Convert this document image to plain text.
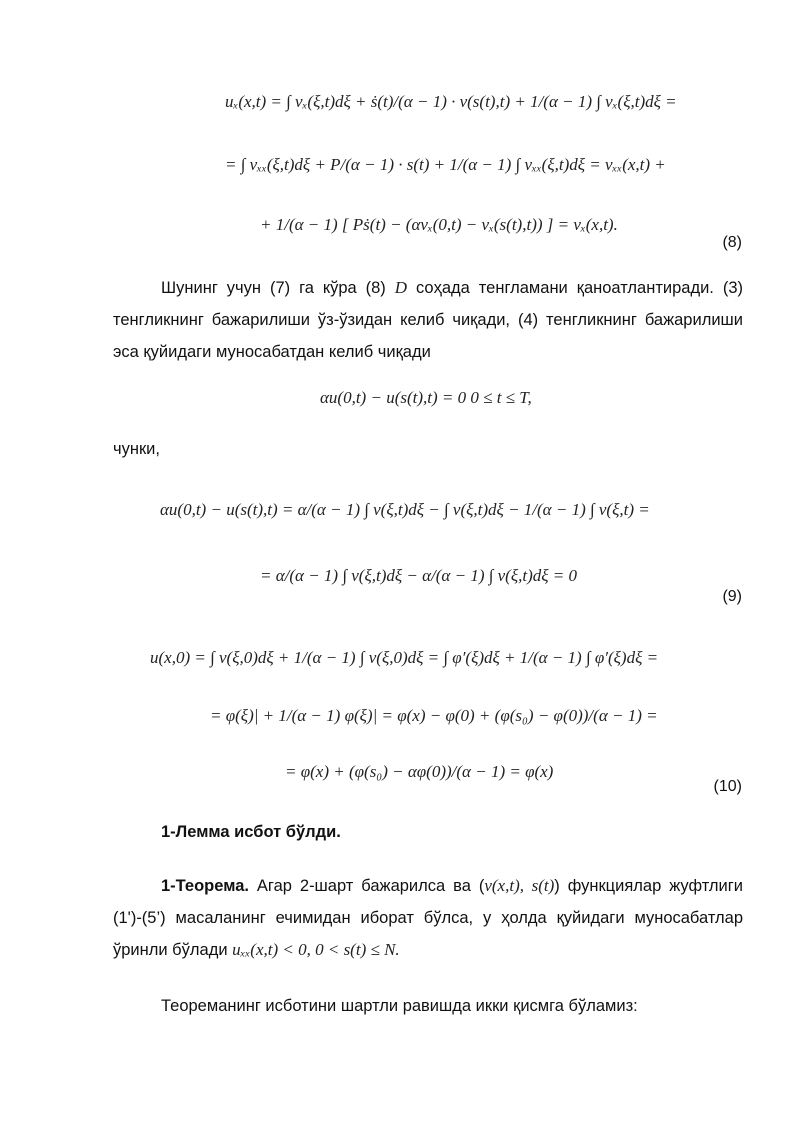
uₓ(x,t) = ∫ vₓ(ξ,t)dξ + ṡ(t)/(α − 1) · v(s(t),t) + 1/(α − 1) ∫ vₓ(ξ,t)dξ =
= ∫ vₓₓ(ξ,t)dξ + P/(α − 1) · s(t) + 1/(α − 1) ∫ vₓₓ(ξ,t)dξ = vₓₓ(x,t) +
+ 1/(α − 1) [ Pṡ(t) − (αvₓ(0,t) − vₓ(s(t),t)) ] = vₓ(x,t).
(8)
Шунинг учун (7) га кўра (8) D соҳада тенгламани қаноатлантиради. (3) тенгликнинг бажарилиши ўз-ўзидан келиб чиқади, (4) тенгликнинг бажарилиши эса қуйидаги муносабатдан келиб чиқади
αu(0,t) − u(s(t),t) = 0 0 ≤ t ≤ T,
чунки,
αu(0,t) − u(s(t),t) = α/(α − 1) ∫ v(ξ,t)dξ − ∫ v(ξ,t)dξ − 1/(α − 1) ∫ v(ξ,t) =
= α/(α − 1) ∫ v(ξ,t)dξ − α/(α − 1) ∫ v(ξ,t)dξ = 0
(9)
u(x,0) = ∫ v(ξ,0)dξ + 1/(α − 1) ∫ v(ξ,0)dξ = ∫ φ′(ξ)dξ + 1/(α − 1) ∫ φ′(ξ)dξ =
= φ(ξ)| + 1/(α − 1) φ(ξ)| = φ(x) − φ(0) + (φ(s₀) − φ(0))/(α − 1) =
= φ(x) + (φ(s₀) − αφ(0))/(α − 1) = φ(x)
(10)
1-Лемма исбот бўлди.
1-Теорема. Агар 2-шарт бажарилса ва (v(x,t), s(t)) функциялар жуфтлиги (1')-(5’) масаланинг ечимидан иборат бўлса, у ҳолда қуйидаги муносабатлар ўринли бўлади uₓₓ(x,t) < 0, 0 < s(t) ≤ N.
Теореманинг исботини шартли равишда икки қисмга бўламиз:
